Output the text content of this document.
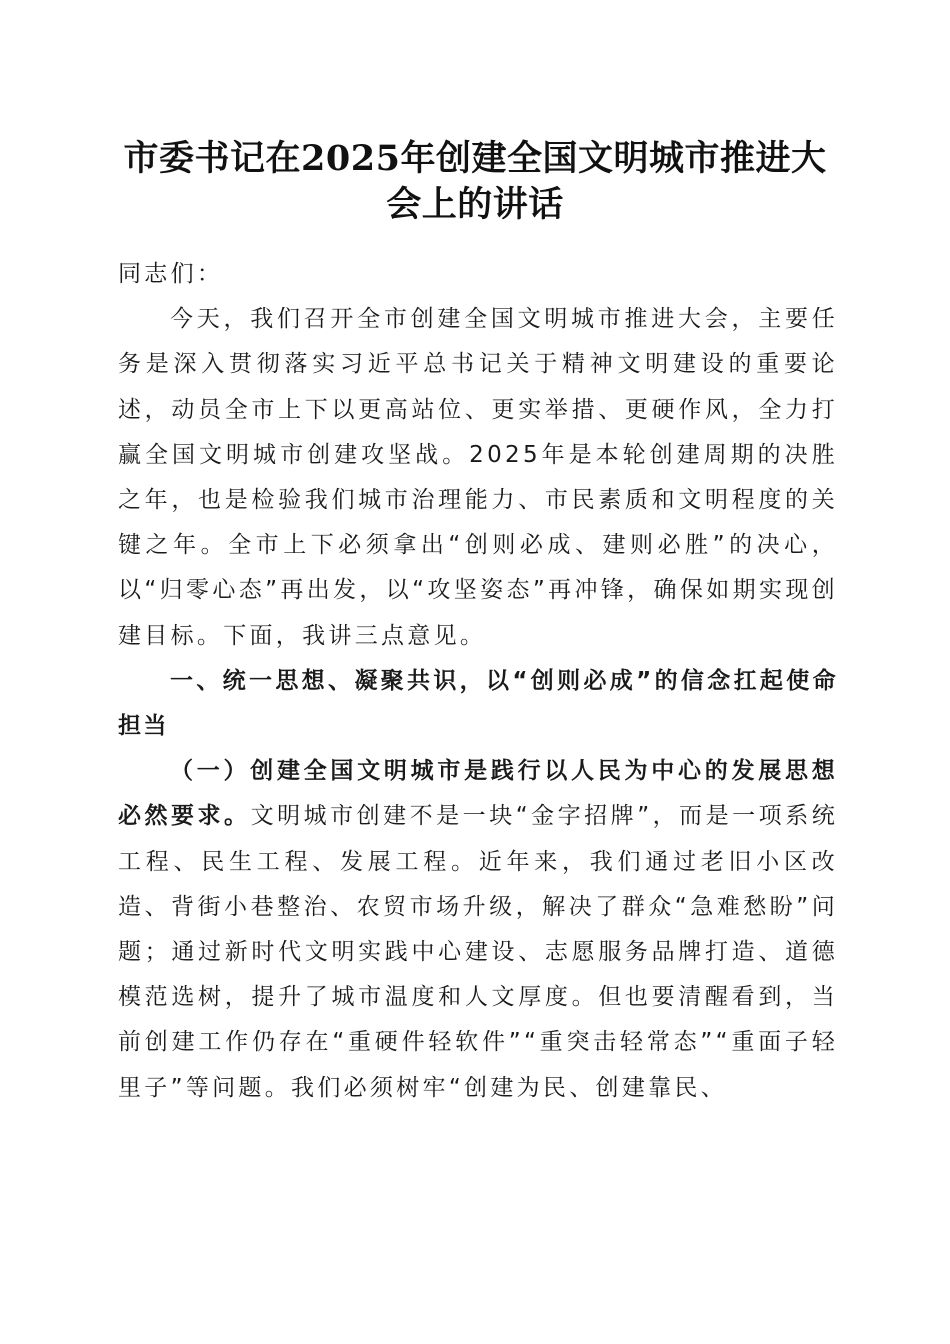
市委书记在2025年创建全国文明城市推进大
会上的讲话

同志们：

今天，我们召开全市创建全国文明城市推进大会，主要任务是深入贯彻落实习近平总书记关于精神文明建设的重要论述，动员全市上下以更高站位、更实举措、更硬作风，全力打赢全国文明城市创建攻坚战。2025年是本轮创建周期的决胜之年，也是检验我们城市治理能力、市民素质和文明程度的关键之年。全市上下必须拿出“创则必成、建则必胜”的决心，以“归零心态”再出发，以“攻坚姿态”再冲锋，确保如期实现创建目标。下面，我讲三点意见。

一、统一思想、凝聚共识，以“创则必成”的信念扛起使命担当

（一）创建全国文明城市是践行以人民为中心的发展思想必然要求。文明城市创建不是一块“金字招牌”，而是一项系统工程、民生工程、发展工程。近年来，我们通过老旧小区改造、背街小巷整治、农贸市场升级，解决了群众“急难愁盼”问题；通过新时代文明实践中心建设、志愿服务品牌打造、道德模范选树，提升了城市温度和人文厚度。但也要清醒看到，当前创建工作仍存在“重硬件轻软件”“重突击轻常态”“重面子轻里子”等问题。我们必须树牢“创建为民、创建靠民、
